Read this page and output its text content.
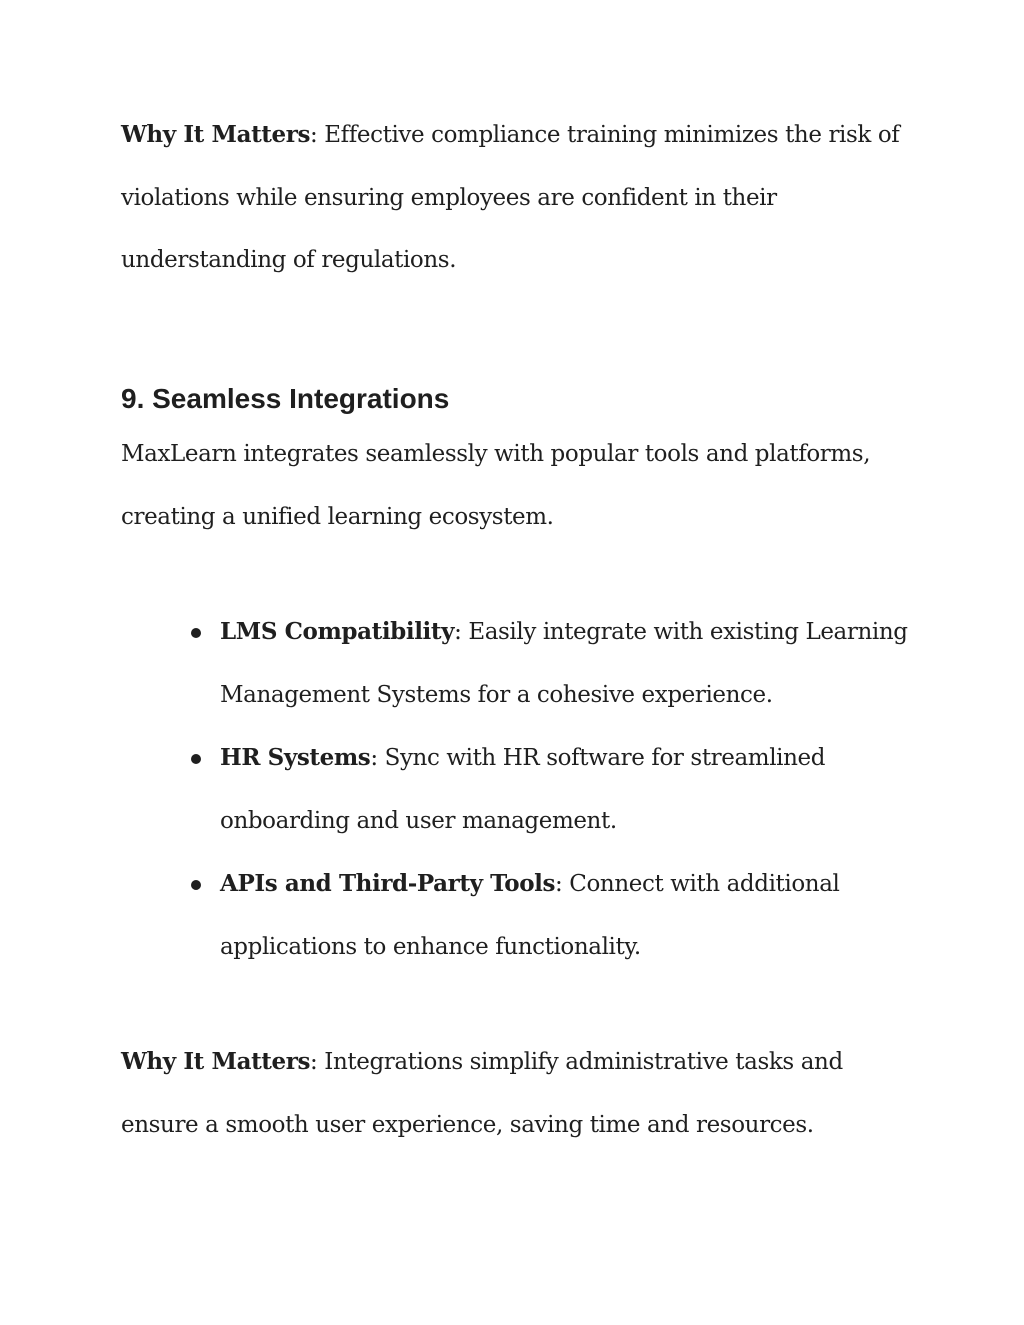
Why It Matters: Effective compliance training minimizes the risk of
violations while ensuring employees are confident in their
understanding of regulations.

9. Seamless Integrations

MaxLearn integrates seamlessly with popular tools and platforms,
creating a unified learning ecosystem.

LMS Compatibility: Easily integrate with existing Learning
Management Systems for a cohesive experience.
HR Systems: Sync with HR software for streamlined
onboarding and user management.
APIs and Third-Party Tools: Connect with additional
applications to enhance functionality.

Why It Matters: Integrations simplify administrative tasks and
ensure a smooth user experience, saving time and resources.
